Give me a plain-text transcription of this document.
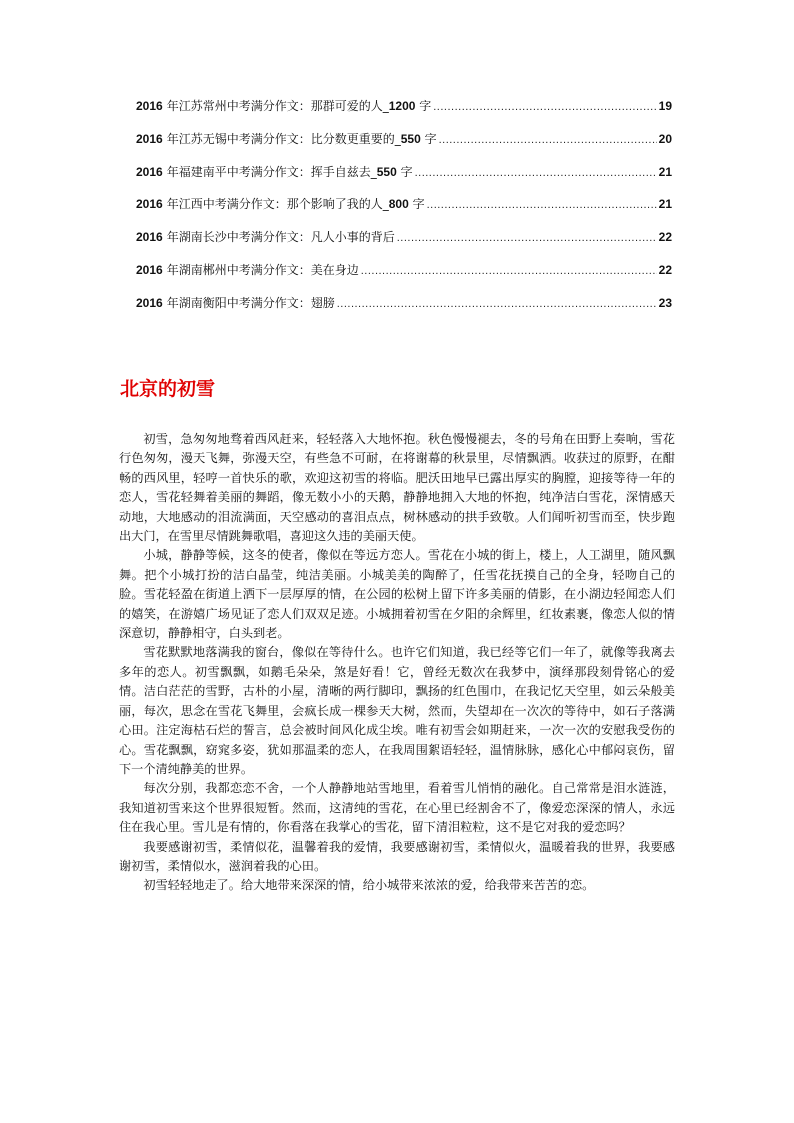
2016 年江苏常州中考满分作文：那群可爱的人_1200 字 .....	19
2016 年江苏无锡中考满分作文：比分数更重要的_550 字 .....	20
2016 年福建南平中考满分作文：挥手自兹去_550 字 .....	21
2016 年江西中考满分作文：那个影响了我的人_800 字 .....	21
2016 年湖南长沙中考满分作文：凡人小事的背后 .....	22
2016 年湖南郴州中考满分作文：美在身边 .....	22
2016 年湖南衡阳中考满分作文：翅膀 .....	23
北京的初雪

初雪，急匆匆地骛着西风赶来，轻轻落入大地怀抱。秋色慢慢褪去，冬的号角在田野上奏响，雪花行色匆匆，漫天飞舞，弥漫天空，有些急不可耐，在将谢幕的秋景里，尽情飘洒。收获过的原野，在酣畅的西风里，轻哼一首快乐的歌，欢迎这初雪的将临。肥沃田地早已露出厚实的胸膛，迎接等待一年的恋人，雪花轻舞着美丽的舞蹈，像无数小小的天鹅，静静地拥入大地的怀抱，纯净洁白雪花，深情感天动地，大地感动的泪流满面，天空感动的喜泪点点，树林感动的拱手致敬。人们闻听初雪而至，快步跑出大门，在雪里尽情跳舞歌唱，喜迎这久违的美丽天使。

小城，静静等候，这冬的使者，像似在等远方恋人。雪花在小城的街上，楼上，人工湖里，随风飘舞。把个小城打扮的洁白晶莹，纯洁美丽。小城美美的陶醉了，任雪花抚摸自己的全身，轻吻自己的脸。雪花轻盈在街道上洒下一层厚厚的情，在公园的松树上留下许多美丽的倩影，在小湖边轻闻恋人们的嬉笑，在游嬉广场见证了恋人们双双足迹。小城拥着初雪在夕阳的余辉里，红妆素裹，像恋人似的情深意切，静静相守，白头到老。

雪花默默地落满我的窗台，像似在等待什么。也许它们知道，我已经等它们一年了，就像等我离去多年的恋人。初雪飘飘，如鹅毛朵朵，煞是好看！它，曾经无数次在我梦中，演绎那段刻骨铭心的爱情。洁白茫茫的雪野，古朴的小屋，清晰的两行脚印，飘扬的红色围巾，在我记忆天空里，如云朵般美丽，每次，思念在雪花飞舞里，会疯长成一棵参天大树，然而，失望却在一次次的等待中，如石子落满心田。注定海枯石烂的誓言，总会被时间风化成尘埃。唯有初雪会如期赶来，一次一次的安慰我受伤的心。雪花飘飘，窈窕多姿，犹如那温柔的恋人，在我周围絮语轻轻，温情脉脉，感化心中郁闷哀伤，留下一个清纯静美的世界。

每次分别，我都恋恋不舍，一个人静静地站雪地里，看着雪儿悄悄的融化。自己常常是泪水涟涟，我知道初雪来这个世界很短暂。然而，这清纯的雪花，在心里已经割舍不了，像爱恋深深的情人，永远住在我心里。雪儿是有情的，你看落在我掌心的雪花，留下清泪粒粒，这不是它对我的爱恋吗？

我要感谢初雪，柔情似花，温馨着我的爱情，我要感谢初雪，柔情似火，温暖着我的世界，我要感谢初雪，柔情似水，滋润着我的心田。

初雪轻轻地走了。给大地带来深深的情，给小城带来浓浓的爱，给我带来苦苦的恋。
